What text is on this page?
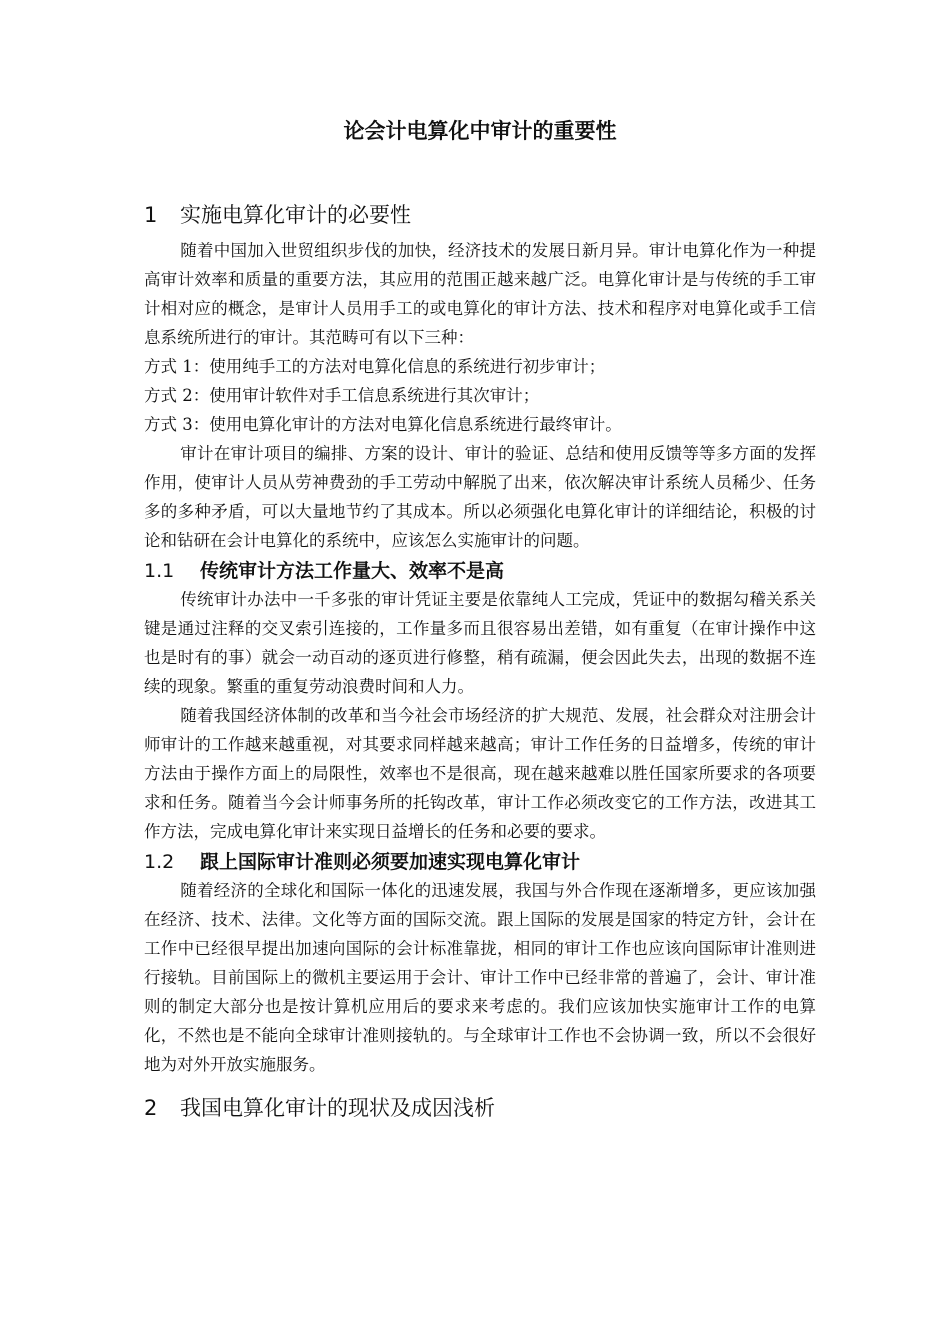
论会计电算化中审计的重要性
1 实施电算化审计的必要性

随着中国加入世贸组织步伐的加快，经济技术的发展日新月异。审计电算化作为一种提高审计效率和质量的重要方法，其应用的范围正越来越广泛。电算化审计是与传统的手工审计相对应的概念，是审计人员用手工的或电算化的审计方法、技术和程序对电算化或手工信息系统所进行的审计。其范畴可有以下三种：

方式 1：使用纯手工的方法对电算化信息的系统进行初步审计；

方式 2：使用审计软件对手工信息系统进行其次审计；

方式 3：使用电算化审计的方法对电算化信息系统进行最终审计。

审计在审计项目的编排、方案的设计、审计的验证、总结和使用反馈等等多方面的发挥作用，使审计人员从劳神费劲的手工劳动中解脱了出来，依次解决审计系统人员稀少、任务多的多种矛盾，可以大量地节约了其成本。所以必须强化电算化审计的详细结论，积极的讨论和钻研在会计电算化的系统中，应该怎么实施审计的问题。

1.1 传统审计方法工作量大、效率不是高

传统审计办法中一千多张的审计凭证主要是依靠纯人工完成，凭证中的数据勾稽关系关键是通过注释的交叉索引连接的，工作量多而且很容易出差错，如有重复（在审计操作中这也是时有的事）就会一动百动的逐页进行修整，稍有疏漏，便会因此失去，出现的数据不连续的现象。繁重的重复劳动浪费时间和人力。

随着我国经济体制的改革和当今社会市场经济的扩大规范、发展，社会群众对注册会计师审计的工作越来越重视，对其要求同样越来越高；审计工作任务的日益增多，传统的审计方法由于操作方面上的局限性，效率也不是很高，现在越来越难以胜任国家所要求的各项要求和任务。随着当今会计师事务所的托钩改革，审计工作必须改变它的工作方法，改进其工作方法，完成电算化审计来实现日益增长的任务和必要的要求。

1.2 跟上国际审计准则必须要加速实现电算化审计

随着经济的全球化和国际一体化的迅速发展，我国与外合作现在逐渐增多，更应该加强在经济、技术、法律。文化等方面的国际交流。跟上国际的发展是国家的特定方针，会计在工作中已经很早提出加速向国际的会计标准靠拢，相同的审计工作也应该向国际审计准则进行接轨。目前国际上的微机主要运用于会计、审计工作中已经非常的普遍了，会计、审计准则的制定大部分也是按计算机应用后的要求来考虑的。我们应该加快实施审计工作的电算化，不然也是不能向全球审计准则接轨的。与全球审计工作也不会协调一致，所以不会很好地为对外开放实施服务。

2 我国电算化审计的现状及成因浅析
